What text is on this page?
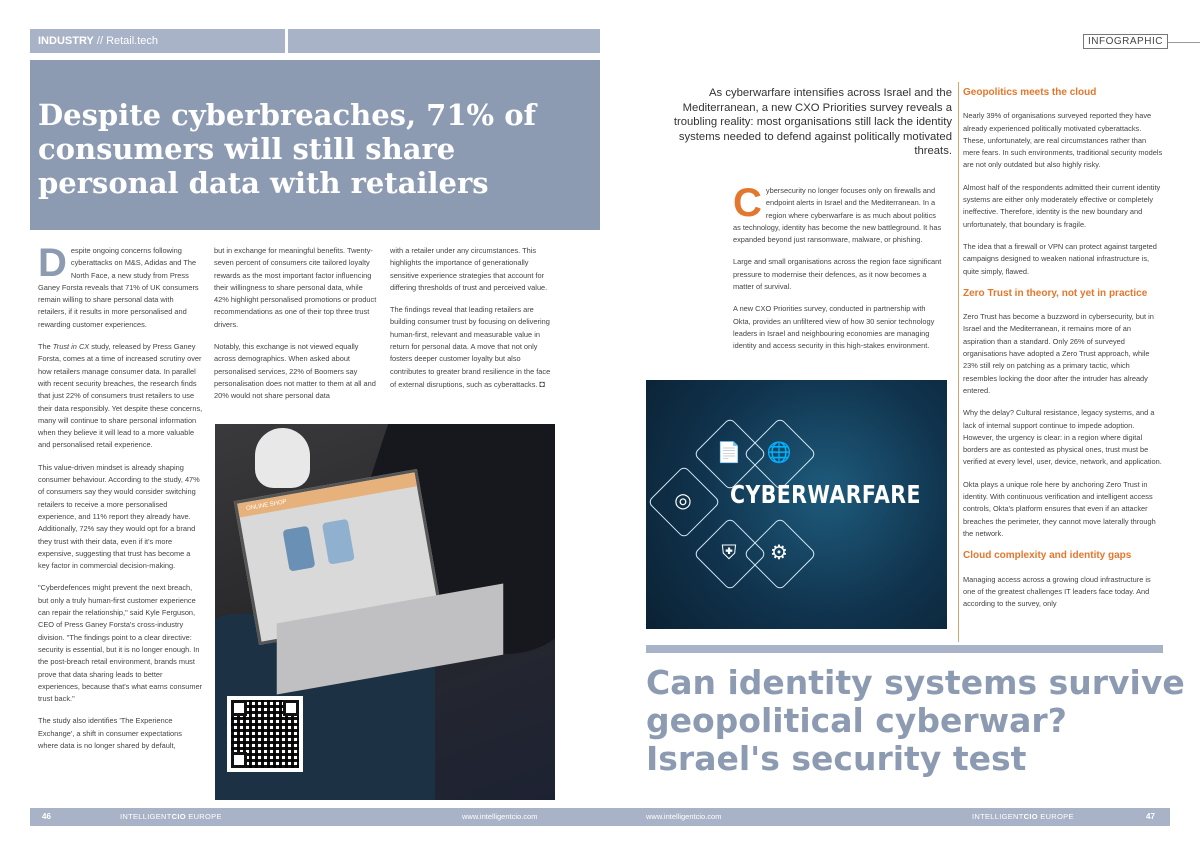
INDUSTRY // Retail.tech	INFOGRAPHIC
Despite cyberbreaches, 71% of consumers will still share personal data with retailers

Despite ongoing concerns following cyberattacks on M&S, Adidas and The North Face, a new study from Press Ganey Forsta reveals that 71% of UK consumers remain willing to share personal data with retailers, if it results in more personalised and rewarding customer experiences.

The Trust in CX study, released by Press Ganey Forsta, comes at a time of increased scrutiny over how retailers manage consumer data. In parallel with recent security breaches, the research finds that just 22% of consumers trust retailers to use their data responsibly. Yet despite these concerns, many will continue to share personal information when they believe it will lead to a more valuable and personalised retail experience.

This value-driven mindset is already shaping consumer behaviour. According to the study, 47% of consumers say they would consider switching retailers to receive a more personalised experience, and 11% report they already have. Additionally, 72% say they would opt for a brand they trust with their data, even if it's more expensive, suggesting that trust has become a key factor in commercial decision-making.

"Cyberdefences might prevent the next breach, but only a truly human-first customer experience can repair the relationship," said Kyle Ferguson, CEO of Press Ganey Forsta's cross-industry division. "The findings point to a clear directive: security is essential, but it is no longer enough. In the post-breach retail environment, brands must prove that data sharing leads to better experiences, because that's what earns consumer trust back."

The study also identifies 'The Experience Exchange', a shift in consumer expectations where data is no longer shared by default,

but in exchange for meaningful benefits. Twenty-seven percent of consumers cite tailored loyalty rewards as the most important factor influencing their willingness to share personal data, while 42% highlight personalised promotions or product recommendations as one of their top three trust drivers.

Notably, this exchange is not viewed equally across demographics. When asked about personalised services, 22% of Boomers say personalisation does not matter to them at all and 20% would not share personal data

with a retailer under any circumstances. This highlights the importance of generationally sensitive experience strategies that account for differing thresholds of trust and perceived value.

The findings reveal that leading retailers are building consumer trust by focusing on delivering human-first, relevant and measurable value in return for personal data. A move that not only fosters deeper customer loyalty but also contributes to greater brand resilience in the face of external disruptions, such as cyberattacks. ◘

ONLINE SHOP
As cyberwarfare intensifies across Israel and the Mediterranean, a new CXO Priorities survey reveals a troubling reality: most organisations still lack the identity systems needed to defend against politically motivated threats.

Cybersecurity no longer focuses only on firewalls and endpoint alerts in Israel and the Mediterranean. In a region where cyberwarfare is as much about politics as technology, identity has become the new battleground. It has expanded beyond just ransomware, malware, or phishing.

Large and small organisations across the region face significant pressure to modernise their defences, as it now becomes a matter of survival.

A new CXO Priorities survey, conducted in partnership with Okta, provides an unfiltered view of how 30 senior technology leaders in Israel and neighbouring economies are managing identity and access security in this high-stakes environment.

📄	🌐
◎
⛨	⚙
CYBERWARFARE
Geopolitics meets the cloud

Nearly 39% of organisations surveyed reported they have already experienced politically motivated cyberattacks. These, unfortunately, are real circumstances rather than mere fears. In such environments, traditional security models are not only outdated but also highly risky.

Almost half of the respondents admitted their current identity systems are either only moderately effective or completely ineffective. Therefore, identity is the new boundary and unfortunately, that boundary is fragile.

The idea that a firewall or VPN can protect against targeted campaigns designed to weaken national infrastructure is, quite simply, flawed.

Zero Trust in theory, not yet in practice

Zero Trust has become a buzzword in cybersecurity, but in Israel and the Mediterranean, it remains more of an aspiration than a standard. Only 26% of surveyed organisations have adopted a Zero Trust approach, while 23% still rely on patching as a primary tactic, which resembles locking the door after the intruder has already entered.

Why the delay? Cultural resistance, legacy systems, and a lack of internal support continue to impede adoption. However, the urgency is clear: in a region where digital borders are as contested as physical ones, trust must be verified at every level, user, device, network, and application.

Okta plays a unique role here by anchoring Zero Trust in identity. With continuous verification and intelligent access controls, Okta's platform ensures that even if an attacker breaches the perimeter, they cannot move laterally through the network.

Cloud complexity and identity gaps

Managing access across a growing cloud infrastructure is one of the greatest challenges IT leaders face today. And according to the survey, only

Can identity systems survive geopolitical cyberwar? Israel's security test
46	INTELLIGENTCIO EUROPE	www.intelligentcio.com	www.intelligentcio.com	INTELLIGENTCIO EUROPE	47
